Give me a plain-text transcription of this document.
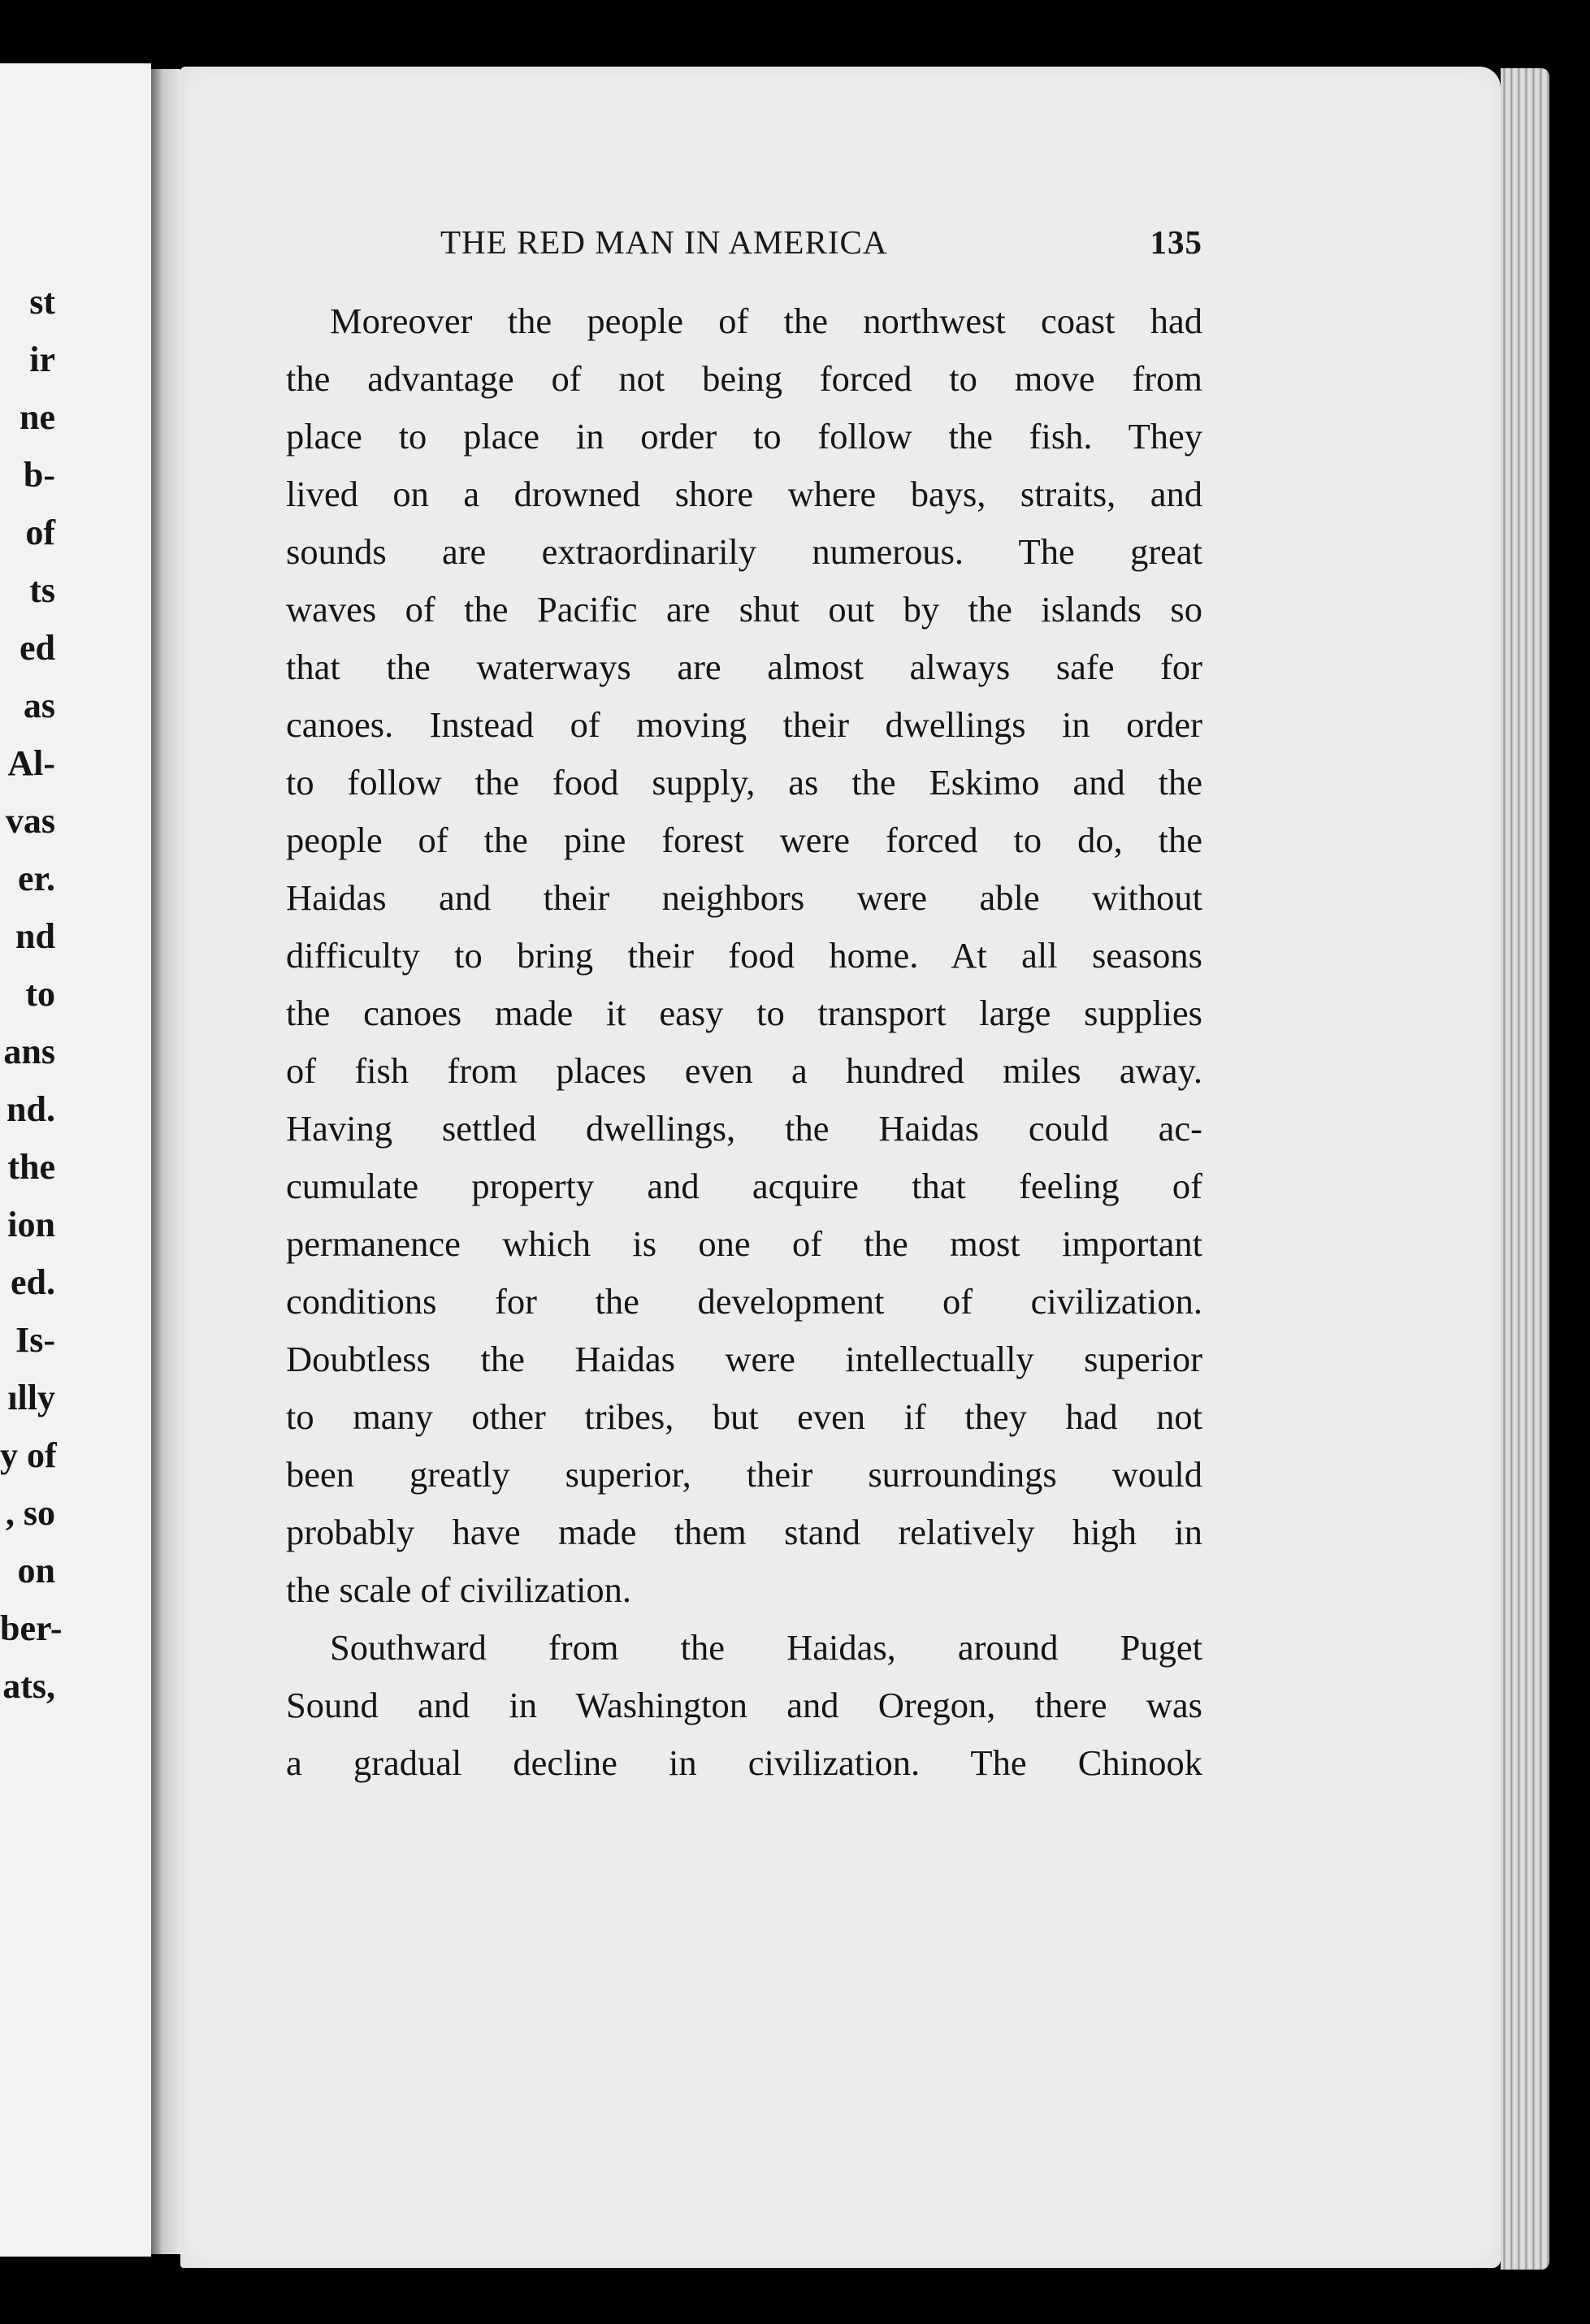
st
ir
ne
b-
of
ts
ed
as
Al-
vas
er.
nd
to
ans
nd.
the
ion
ed.
Is-
ılly
y of
, so
on
ber-
ats,
THE RED MAN IN AMERICA	135
Moreover the people of the northwest coast had
the advantage of not being forced to move from
place to place in order to follow the fish. They
lived on a drowned shore where bays, straits, and
sounds are extraordinarily numerous. The great
waves of the Pacific are shut out by the islands so
that the waterways are almost always safe for
canoes. Instead of moving their dwellings in order
to follow the food supply, as the Eskimo and the
people of the pine forest were forced to do, the
Haidas and their neighbors were able without
difficulty to bring their food home. At all seasons
the canoes made it easy to transport large supplies
of fish from places even a hundred miles away.
Having settled dwellings, the Haidas could ac-
cumulate property and acquire that feeling of
permanence which is one of the most important
conditions for the development of civilization.
Doubtless the Haidas were intellectually superior
to many other tribes, but even if they had not
been greatly superior, their surroundings would
probably have made them stand relatively high in
the scale of civilization.
Southward from the Haidas, around Puget
Sound and in Washington and Oregon, there was
a gradual decline in civilization. The Chinook
